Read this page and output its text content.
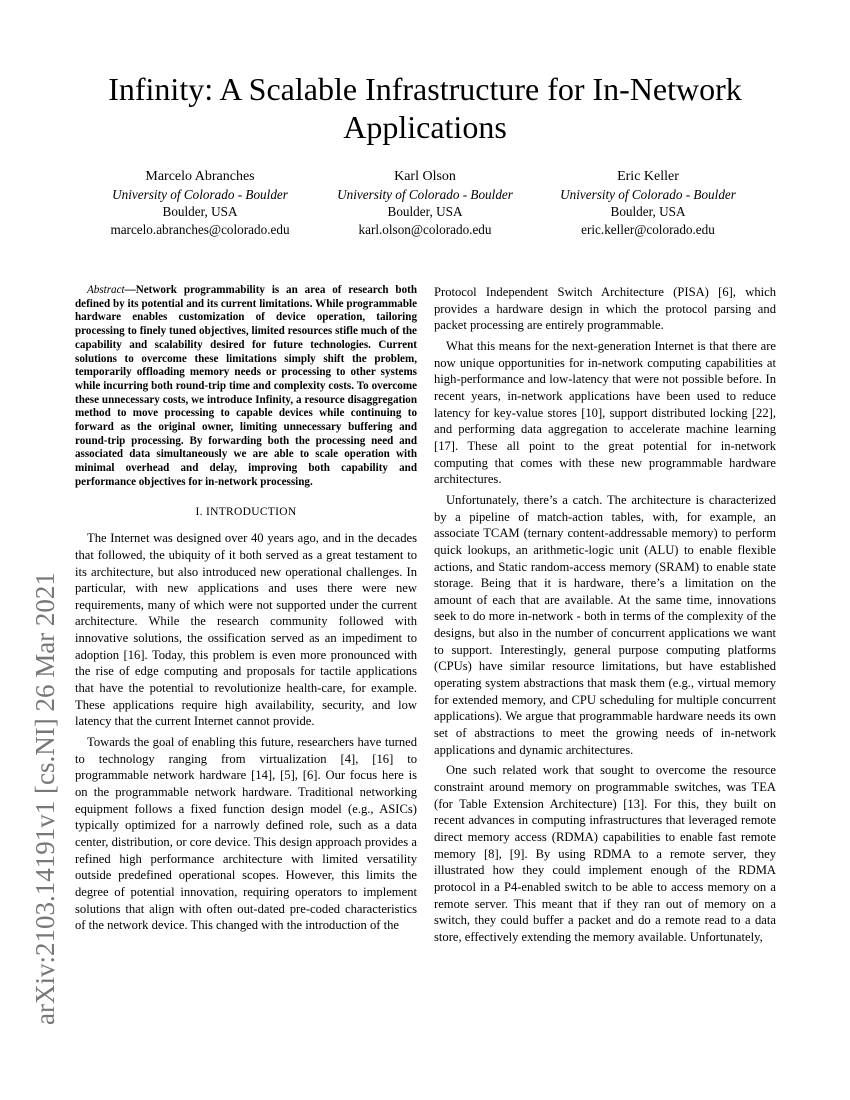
Infinity: A Scalable Infrastructure for In-Network Applications
Marcelo Abranches
University of Colorado - Boulder
Boulder, USA
marcelo.abranches@colorado.edu
Karl Olson
University of Colorado - Boulder
Boulder, USA
karl.olson@colorado.edu
Eric Keller
University of Colorado - Boulder
Boulder, USA
eric.keller@colorado.edu
arXiv:2103.14191v1 [cs.NI] 26 Mar 2021
Abstract—Network programmability is an area of research both defined by its potential and its current limitations. While programmable hardware enables customization of device operation, tailoring processing to finely tuned objectives, limited resources stifle much of the capability and scalability desired for future technologies. Current solutions to overcome these limitations simply shift the problem, temporarily offloading memory needs or processing to other systems while incurring both round-trip time and complexity costs. To overcome these unnecessary costs, we introduce Infinity, a resource disaggregation method to move processing to capable devices while continuing to forward as the original owner, limiting unnecessary buffering and round-trip processing. By forwarding both the processing need and associated data simultaneously we are able to scale operation with minimal overhead and delay, improving both capability and performance objectives for in-network processing.
I. INTRODUCTION

The Internet was designed over 40 years ago, and in the decades that followed, the ubiquity of it both served as a great testament to its architecture, but also introduced new operational challenges. In particular, with new applications and uses there were new requirements, many of which were not supported under the current architecture. While the research community followed with innovative solutions, the ossification served as an impediment to adoption [16]. Today, this problem is even more pronounced with the rise of edge computing and proposals for tactile applications that have the potential to revolutionize health-care, for example. These applications require high availability, security, and low latency that the current Internet cannot provide.

Towards the goal of enabling this future, researchers have turned to technology ranging from virtualization [4], [16] to programmable network hardware [14], [5], [6]. Our focus here is on the programmable network hardware. Traditional networking equipment follows a fixed function design model (e.g., ASICs) typically optimized for a narrowly defined role, such as a data center, distribution, or core device. This design approach provides a refined high performance architecture with limited versatility outside predefined operational scopes. However, this limits the degree of potential innovation, requiring operators to implement solutions that align with often out-dated pre-coded characteristics of the network device. This changed with the introduction of the

Protocol Independent Switch Architecture (PISA) [6], which provides a hardware design in which the protocol parsing and packet processing are entirely programmable.

What this means for the next-generation Internet is that there are now unique opportunities for in-network computing capabilities at high-performance and low-latency that were not possible before. In recent years, in-network applications have been used to reduce latency for key-value stores [10], support distributed locking [22], and performing data aggregation to accelerate machine learning [17]. These all point to the great potential for in-network computing that comes with these new programmable hardware architectures.

Unfortunately, there’s a catch. The architecture is characterized by a pipeline of match-action tables, with, for example, an associate TCAM (ternary content-addressable memory) to perform quick lookups, an arithmetic-logic unit (ALU) to enable flexible actions, and Static random-access memory (SRAM) to enable state storage. Being that it is hardware, there’s a limitation on the amount of each that are available. At the same time, innovations seek to do more in-network - both in terms of the complexity of the designs, but also in the number of concurrent applications we want to support. Interestingly, general purpose computing platforms (CPUs) have similar resource limitations, but have established operating system abstractions that mask them (e.g., virtual memory for extended memory, and CPU scheduling for multiple concurrent applications). We argue that programmable hardware needs its own set of abstractions to meet the growing needs of in-network applications and dynamic architectures.

One such related work that sought to overcome the resource constraint around memory on programmable switches, was TEA (for Table Extension Architecture) [13]. For this, they built on recent advances in computing infrastructures that leveraged remote direct memory access (RDMA) capabilities to enable fast remote memory [8], [9]. By using RDMA to a remote server, they illustrated how they could implement enough of the RDMA protocol in a P4-enabled switch to be able to access memory on a remote server. This meant that if they ran out of memory on a switch, they could buffer a packet and do a remote read to a data store, effectively extending the memory available. Unfortunately,
